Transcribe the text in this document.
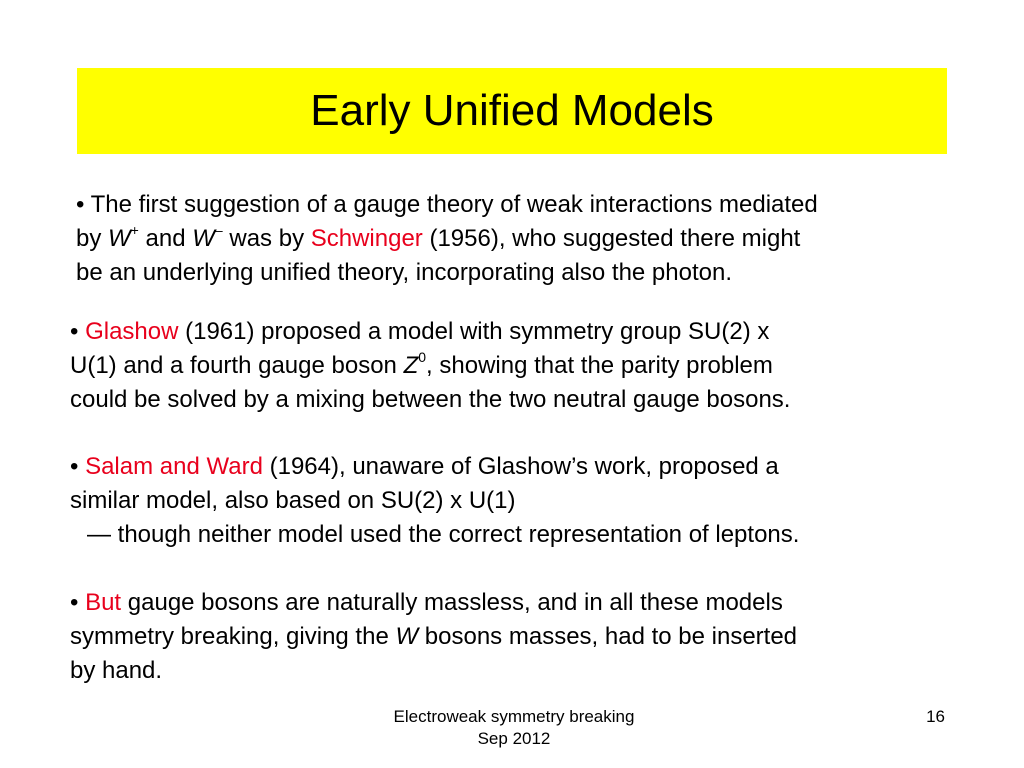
Early Unified Models
• The first suggestion of a gauge theory of weak interactions mediated
by W+ and W– was by Schwinger (1956), who suggested there might
be an underlying unified theory, incorporating also the photon.
• Glashow (1961) proposed a model with symmetry group SU(2) x
U(1) and a fourth gauge boson $Z^0$, showing that the parity problem
could be solved by a mixing between the two neutral gauge bosons.
• Salam and Ward (1964), unaware of Glashow’s work, proposed a
similar model, also based on SU(2) x U(1)
— though neither model used the correct representation of leptons.
• But gauge bosons are naturally massless, and in all these models
symmetry breaking, giving the W bosons masses, had to be inserted
by hand.
Electroweak symmetry breaking
Sep 2012
16
